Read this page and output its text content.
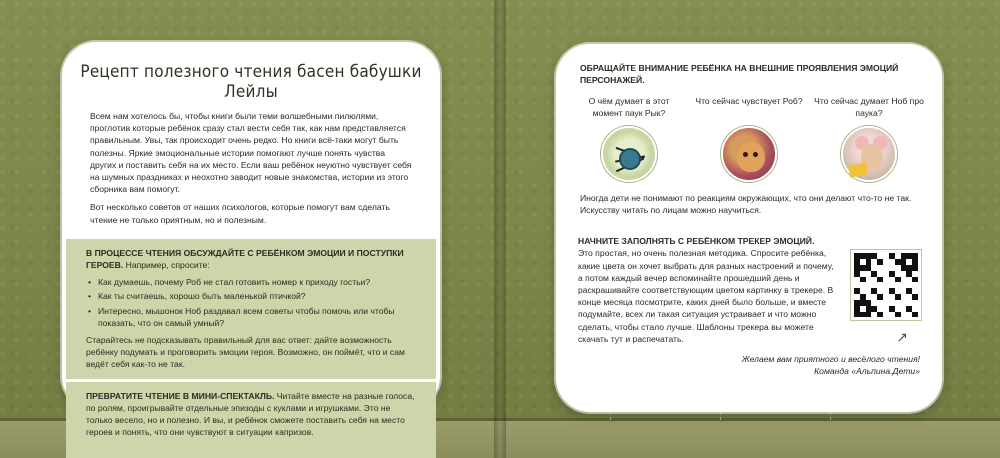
Рецепт полезного чтения басен бабушки Лейлы

Всем нам хотелось бы, чтобы книги были теми волшебными пилюлями, проглотив которые ребёнок сразу стал вести себя так, как нам представляется правильным. Увы, так происходит очень редко. Но книги всё-таки могут быть полезны. Яркие эмоциональные истории помогают лучше понять чувства других и поставить себя на их место. Если ваш ребёнок неуютно чувствует себя на шумных праздниках и неохотно заводит новые знакомства, истории из этого сборника вам помогут.

Вот несколько советов от наших психологов, которые помогут вам сделать чтение не только приятным, но и полезным.

В ПРОЦЕССЕ ЧТЕНИЯ ОБСУЖДАЙТЕ С РЕБЁНКОМ ЭМОЦИИ И ПОСТУПКИ ГЕРОЕВ. Например, спросите:

• Как думаешь, почему Роб не стал готовить номер к приходу гостьи?
• Как ты считаешь, хорошо быть маленькой птичкой?
• Интересно, мышонок Ноб раздавал всем советы чтобы помочь или чтобы показать, что он самый умный?

Старайтесь не подсказывать правильный для вас ответ: дайте возможность ребёнку подумать и проговорить эмоции героя. Возможно, он поймёт, что и сам ведёт себя как-то не так.

ПРЕВРАТИТЕ ЧТЕНИЕ В МИНИ-СПЕКТАКЛЬ. Читайте вместе на разные голоса, по ролям, проигрывайте отдельные эпизоды с куклами и игрушками. Это не только весело, но и полезно. И вы, и ребёнок сможете поставить себя на место героев и понять, что они чувствуют в ситуации капризов.

ОБРАЩАЙТЕ ВНИМАНИЕ РЕБЁНКА НА ВНЕШНИЕ ПРОЯВЛЕНИЯ ЭМОЦИЙ ПЕРСОНАЖЕЙ.

О чём думает в этот момент паук Рык?

Что сейчас чувствует Роб? Что сейчас думает Ноб про паука?

Иногда дети не понимают по реакциям окружающих, что они делают что-то не так. Искусству читать по лицам можно научиться.

НАЧНИТЕ ЗАПОЛНЯТЬ С РЕБЁНКОМ ТРЕКЕР ЭМОЦИЙ.

Это простая, но очень полезная методика. Спросите ребёнка, какие цвета он хочет выбрать для разных настроений и почему, а потом каждый вечер вспоминайте прошедший день и раскрашивайте соответствующим цветом картинку в трекере. В конце месяца посмотрите, каких дней было больше, и вместе подумайте, всех ли такая ситуация устраивает и что можно сделать, чтобы стало лучше. Шаблоны трекера вы можете скачать тут и распечатать.	↗

Желаем вам приятного и весёлого чтения!

Команда «Альпина.Дети»
